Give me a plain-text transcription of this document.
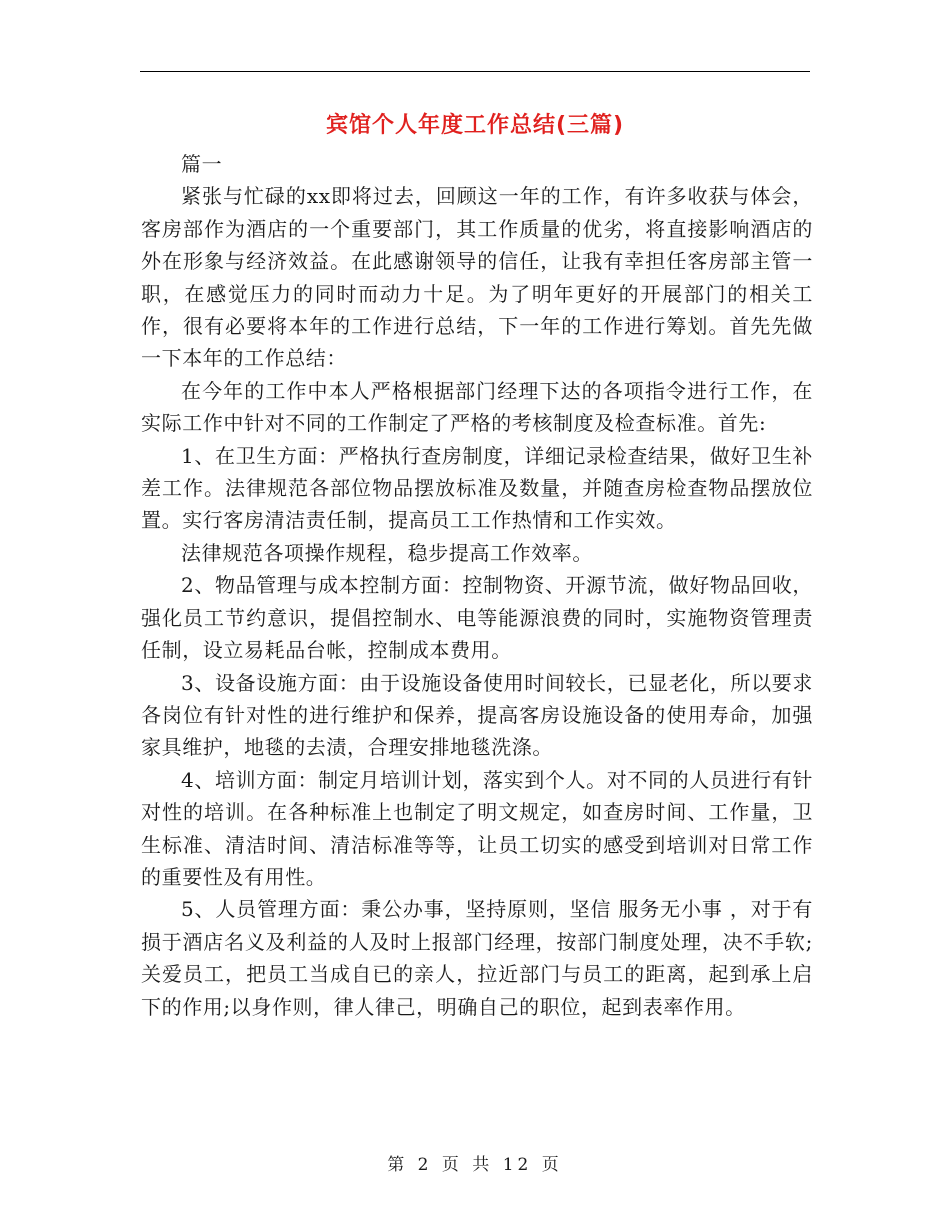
宾馆个人年度工作总结(三篇)

篇一

紧张与忙碌的xx即将过去，回顾这一年的工作，有许多收获与体会，客房部作为酒店的一个重要部门，其工作质量的优劣，将直接影响酒店的外在形象与经济效益。在此感谢领导的信任，让我有幸担任客房部主管一职，在感觉压力的同时而动力十足。为了明年更好的开展部门的相关工作，很有必要将本年的工作进行总结，下一年的工作进行筹划。首先先做一下本年的工作总结：

在今年的工作中本人严格根据部门经理下达的各项指令进行工作，在实际工作中针对不同的工作制定了严格的考核制度及检查标准。首先:

1、在卫生方面：严格执行查房制度，详细记录检查结果，做好卫生补差工作。法律规范各部位物品摆放标准及数量，并随查房检查物品摆放位置。实行客房清洁责任制，提高员工工作热情和工作实效。

法律规范各项操作规程，稳步提高工作效率。

2、物品管理与成本控制方面：控制物资、开源节流，做好物品回收，强化员工节约意识，提倡控制水、电等能源浪费的同时，实施物资管理责任制，设立易耗品台帐，控制成本费用。

3、设备设施方面：由于设施设备使用时间较长，已显老化，所以要求各岗位有针对性的进行维护和保养，提高客房设施设备的使用寿命，加强家具维护，地毯的去渍，合理安排地毯洗涤。

4、培训方面：制定月培训计划，落实到个人。对不同的人员进行有针对性的培训。在各种标准上也制定了明文规定，如查房时间、工作量，卫生标准、清洁时间、清洁标准等等，让员工切实的感受到培训对日常工作的重要性及有用性。

5、人员管理方面：秉公办事，坚持原则，坚信 服务无小事 ，对于有损于酒店名义及利益的人及时上报部门经理，按部门制度处理，决不手软;关爱员工，把员工当成自已的亲人，拉近部门与员工的距离，起到承上启下的作用;以身作则，律人律己，明确自己的职位，起到表率作用。

第 2 页 共 12 页
